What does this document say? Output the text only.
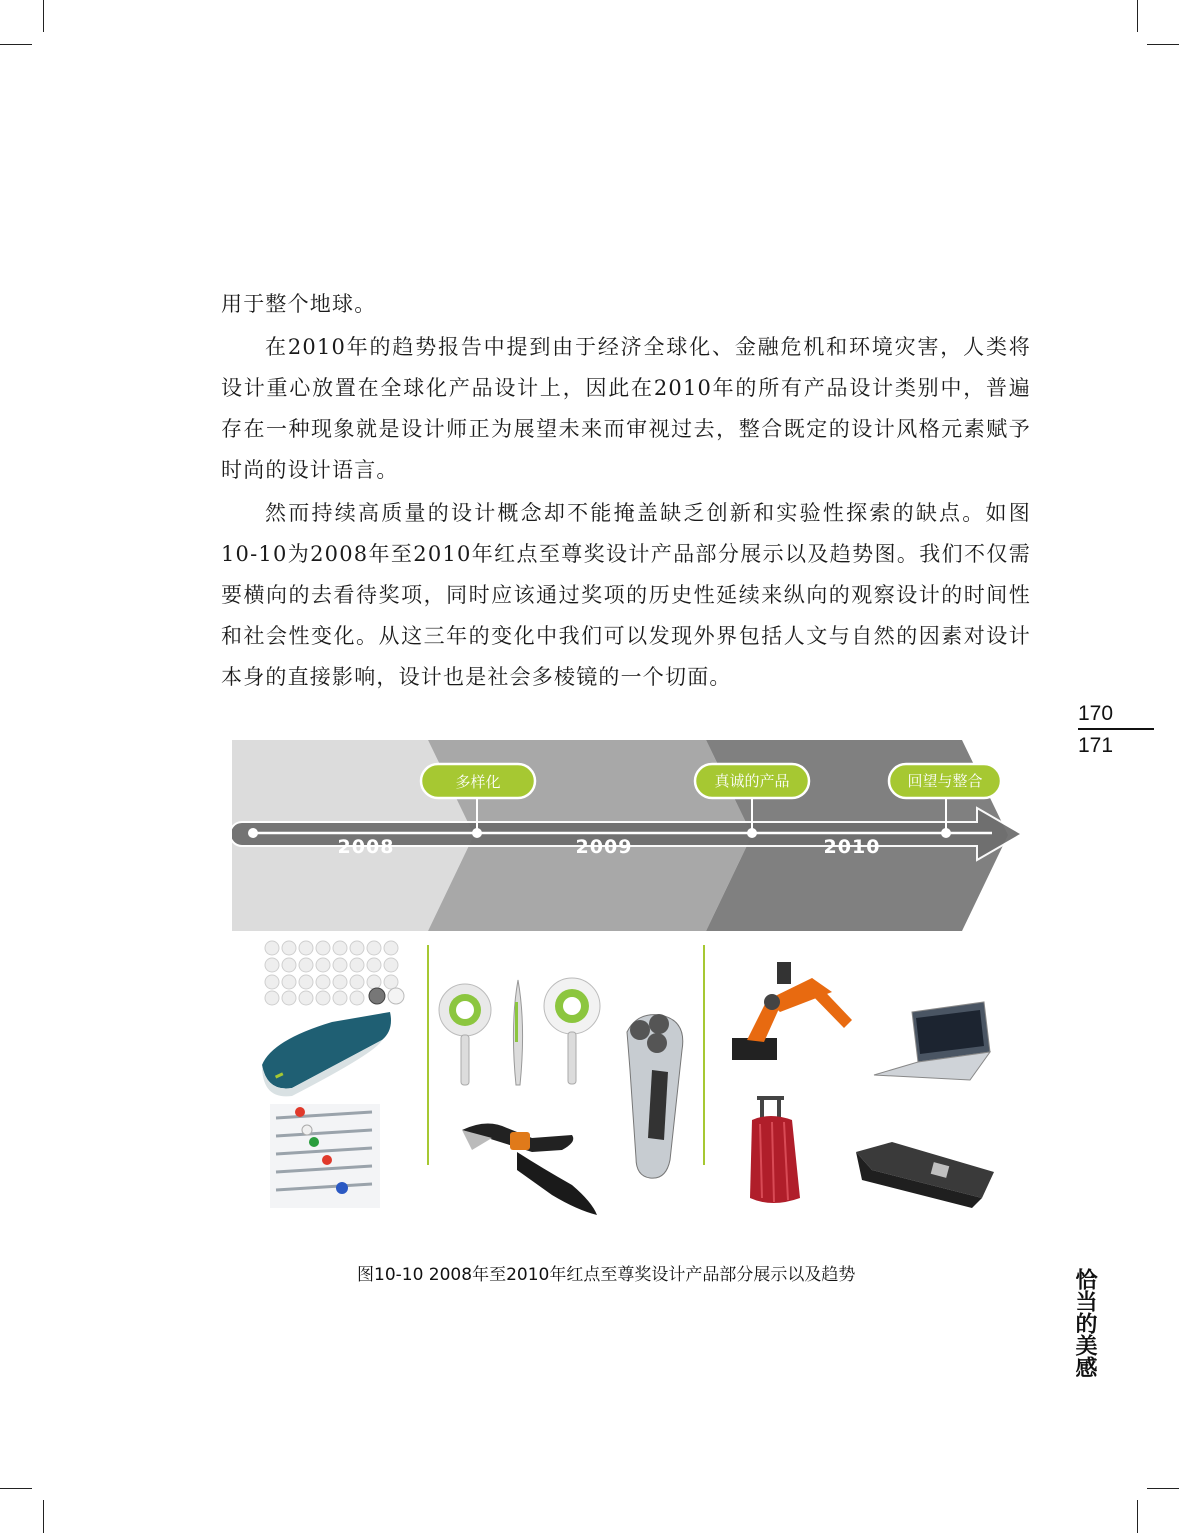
用于整个地球。

在2010年的趋势报告中提到由于经济全球化、金融危机和环境灾害，人类将设计重心放置在全球化产品设计上，因此在2010年的所有产品设计类别中，普遍存在一种现象就是设计师正为展望未来而审视过去，整合既定的设计风格元素赋予时尚的设计语言。

然而持续高质量的设计概念却不能掩盖缺乏创新和实验性探索的缺点。如图10-10为2008年至2010年红点至尊奖设计产品部分展示以及趋势图。我们不仅需要横向的去看待奖项，同时应该通过奖项的历史性延续来纵向的观察设计的时间性和社会性变化。从这三年的变化中我们可以发现外界包括人文与自然的因素对设计本身的直接影响，设计也是社会多棱镜的一个切面。

170
171
恰当的美感
多样化	真诚的产品	回望与整合
2008	2009	2010
图10-10 2008年至2010年红点至尊奖设计产品部分展示以及趋势
